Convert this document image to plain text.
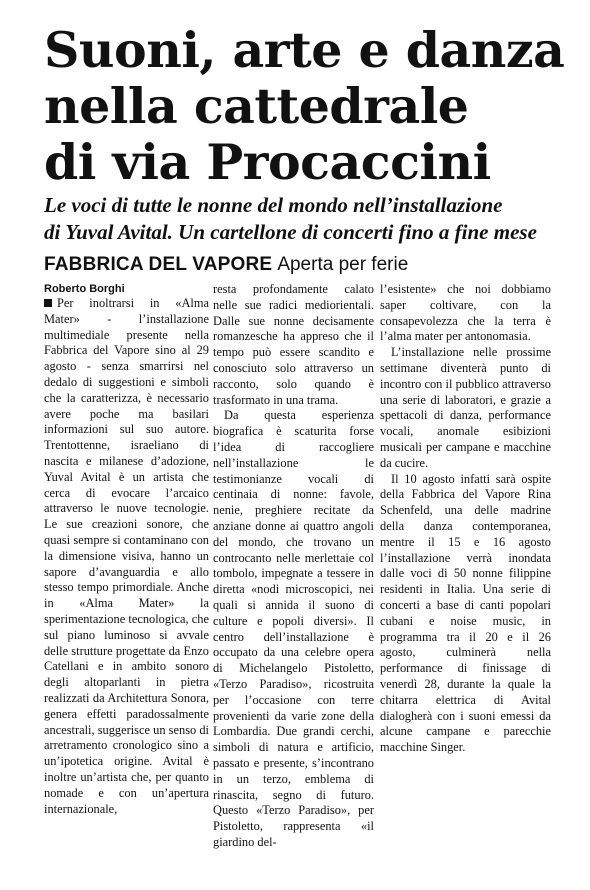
Suoni, arte e danza
nella cattedrale
di via Procaccini
Le voci di tutte le nonne del mondo nell’installazione
di Yuval Avital. Un cartellone di concerti fino a fine mese
FABBRICA DEL VAPORE Aperta per ferie
Roberto Borghi

Per inoltrarsi in «Alma Mater» - l’installazione multimediale presente nella Fabbrica del Vapore sino al 29 agosto - senza smarrirsi nel dedalo di suggestioni e simboli che la caratterizza, è necessario avere poche ma basilari informazioni sul suo autore. Trentottenne, israeliano di nascita e milanese d’adozione, Yuval Avital è un artista che cerca di evocare l’arcaico attraverso le nuove tecnologie. Le sue creazioni sonore, che quasi sempre si contaminano con la dimensione visiva, hanno un sapore d’avanguardia e allo stesso tempo primordiale. Anche in «Alma Mater» la sperimentazione tecnologica, che sul piano luminoso si avvale delle strutture progettate da Enzo Catellani e in ambito sonoro degli altoparlanti in pietra realizzati da Architettura Sonora, genera effetti paradossalmente ancestrali, suggerisce un senso di arretramento cronologico sino a un’ipotetica origine. Avital è inoltre un’artista che, per quanto nomade e con un’apertura internazionale,

resta profondamente calato nelle sue radici mediorientali. Dalle sue nonne decisamente romanzesche ha appreso che il tempo può essere scandito e conosciuto solo attraverso un racconto, solo quando è trasformato in una trama.

Da questa esperienza biografica è scaturita forse l’idea di raccogliere nell’installazione le testimonianze vocali di centinaia di nonne: favole, nenie, preghiere recitate da anziane donne ai quattro angoli del mondo, che trovano un controcanto nelle merlettaie col tombolo, impegnate a tessere in diretta «nodi microscopici, nei quali si annida il suono di culture e popoli diversi». Il centro dell’installazione è occupato da una celebre opera di Michelangelo Pistoletto, «Terzo Paradiso», ricostruita per l’occasione con terre provenienti da varie zone della Lombardia. Due grandi cerchi, simboli di natura e artificio, passato e presente, s’incontrano in un terzo, emblema di rinascita, segno di futuro. Questo «Terzo Paradiso», per Pistoletto, rappresenta «il giardino del-

l’esistente» che noi dobbiamo saper coltivare, con la consapevolezza che la terra è l’alma mater per antonomasia.

L’installazione nelle prossime settimane diventerà punto di incontro con il pubblico attraverso una serie di laboratori, e grazie a spettacoli di danza, performance vocali, anomale esibizioni musicali per campane e macchine da cucire.

Il 10 agosto infatti sarà ospite della Fabbrica del Vapore Rina Schenfeld, una delle madrine della danza contemporanea, mentre il 15 e 16 agosto l’installazione verrà inondata dalle voci di 50 nonne filippine residenti in Italia. Una serie di concerti a base di canti popolari cubani e noise music, in programma tra il 20 e il 26 agosto, culminerà nella performance di finissage di venerdì 28, durante la quale la chitarra elettrica di Avital dialogherà con i suoni emessi da alcune campane e parecchie macchine Singer.
